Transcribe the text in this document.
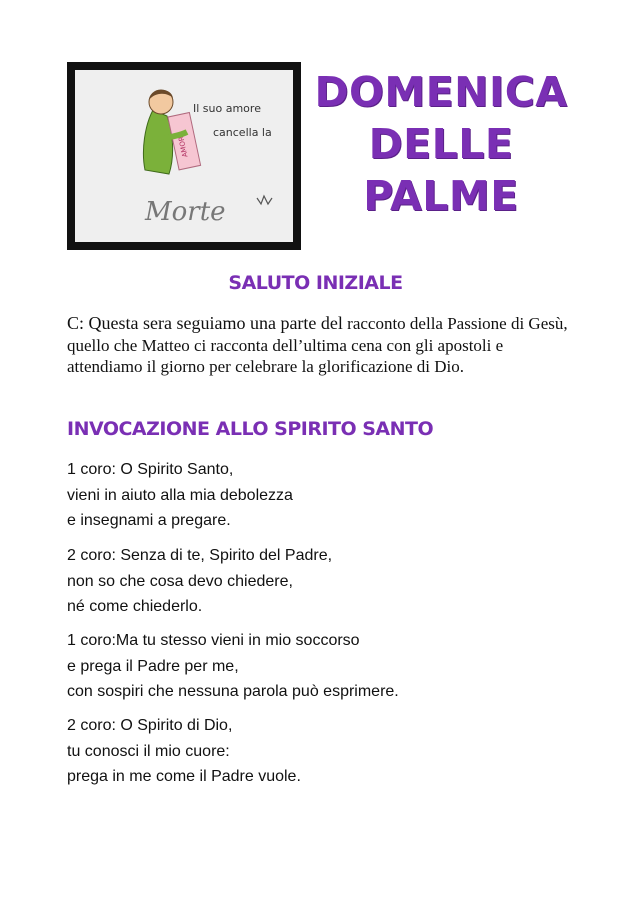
AMORE
Il suo amore
cancella la
Morte
DOMENICA
DELLE
PALME
SALUTO INIZIALE
C: Questa sera seguiamo una parte del racconto della Passione di Gesù, quello che Matteo ci racconta dell’ultima cena con gli apostoli e attendiamo il giorno per celebrare la glorificazione di Dio.
INVOCAZIONE ALLO SPIRITO SANTO
1 coro: O Spirito Santo,
vieni in aiuto alla mia debolezza
e insegnami a pregare.
2 coro: Senza di te, Spirito del Padre,
non so che cosa devo chiedere,
né come chiederlo.
1 coro:Ma tu stesso vieni in mio soccorso
e prega il Padre per me,
con sospiri che nessuna parola può esprimere.
2 coro: O Spirito di Dio,
tu conosci il mio cuore:
prega in me come il Padre vuole.
